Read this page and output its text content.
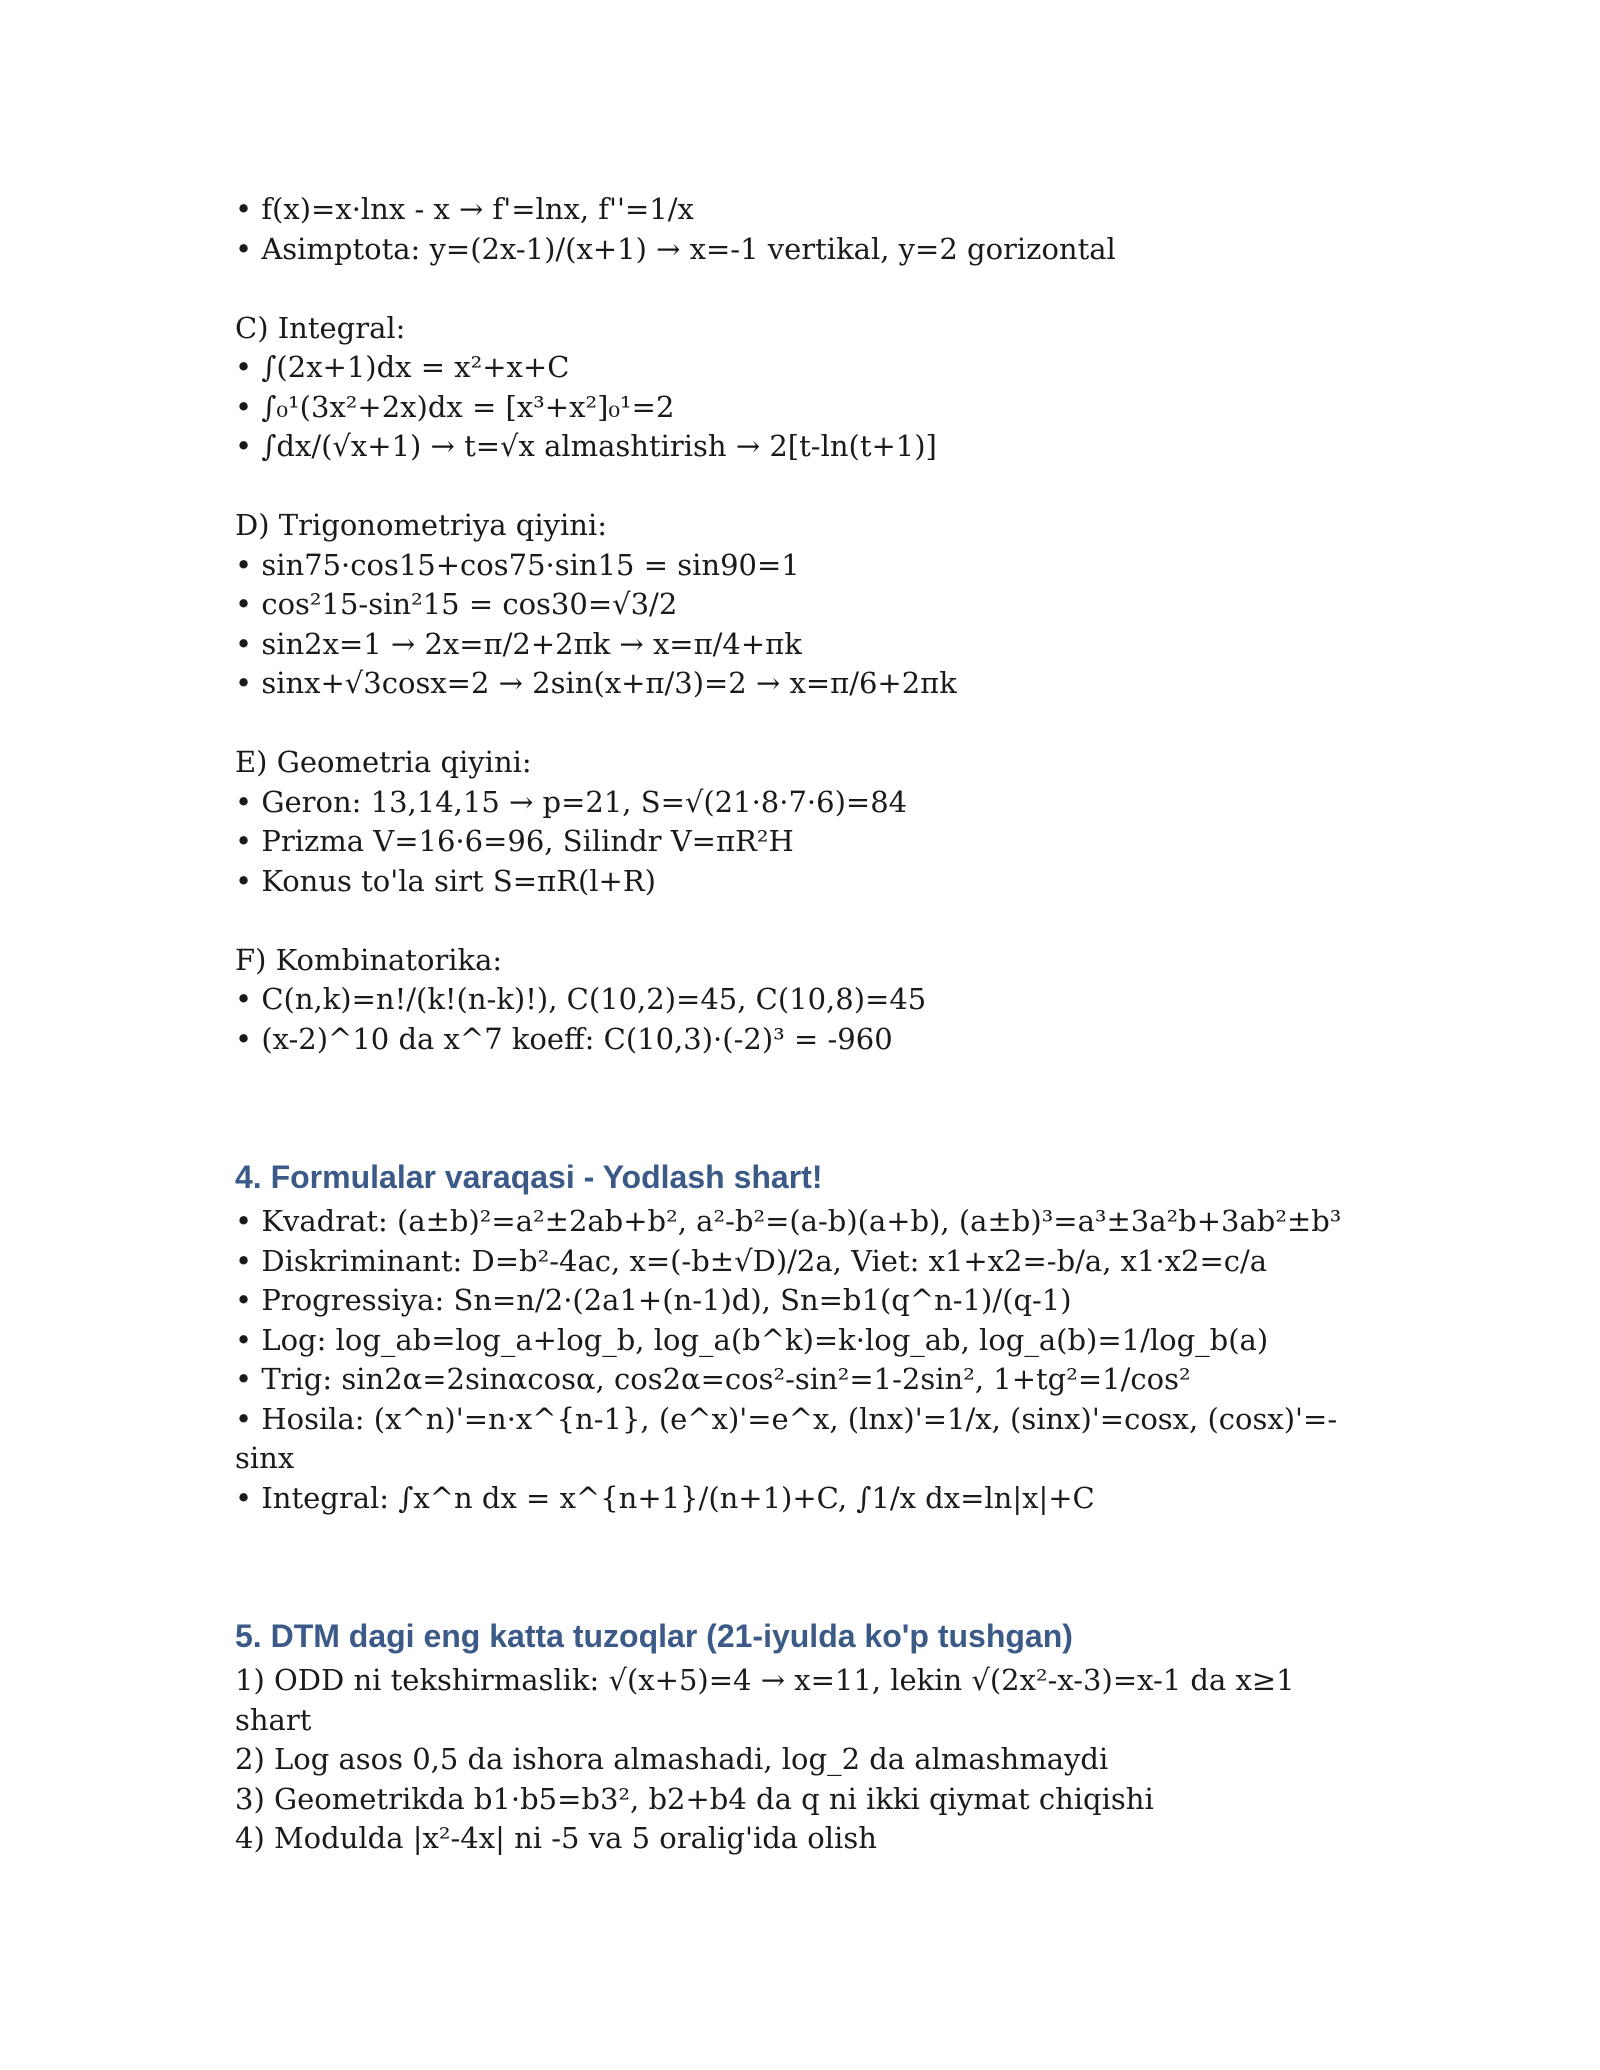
• f(x)=x·lnx - x → f'=lnx, f''=1/x
• Asimptota: y=(2x-1)/(x+1) → x=-1 vertikal, y=2 gorizontal
C) Integral:
• ∫(2x+1)dx = x²+x+C
• ∫₀¹(3x²+2x)dx = [x³+x²]₀¹=2
• ∫dx/(√x+1) → t=√x almashtirish → 2[t-ln(t+1)]
D) Trigonometriya qiyini:
• sin75·cos15+cos75·sin15 = sin90=1
• cos²15-sin²15 = cos30=√3/2
• sin2x=1 → 2x=π/2+2πk → x=π/4+πk
• sinx+√3cosx=2 → 2sin(x+π/3)=2 → x=π/6+2πk
E) Geometria qiyini:
• Geron: 13,14,15 → p=21, S=√(21·8·7·6)=84
• Prizma V=16·6=96, Silindr V=πR²H
• Konus to'la sirt S=πR(l+R)
F) Kombinatorika:
• C(n,k)=n!/(k!(n-k)!), C(10,2)=45, C(10,8)=45
• (x-2)^10 da x^7 koeff: C(10,3)·(-2)³ = -960
4. Formulalar varaqasi - Yodlash shart!
• Kvadrat: (a±b)²=a²±2ab+b², a²-b²=(a-b)(a+b), (a±b)³=a³±3a²b+3ab²±b³
• Diskriminant: D=b²-4ac, x=(-b±√D)/2a, Viet: x1+x2=-b/a, x1·x2=c/a
• Progressiya: Sn=n/2·(2a1+(n-1)d), Sn=b1(q^n-1)/(q-1)
• Log: log_ab=log_a+log_b, log_a(b^k)=k·log_ab, log_a(b)=1/log_b(a)
• Trig: sin2α=2sinαcosα, cos2α=cos²-sin²=1-2sin², 1+tg²=1/cos²
• Hosila: (x^n)'=n·x^{n-1}, (e^x)'=e^x, (lnx)'=1/x, (sinx)'=cosx, (cosx)'=-sinx
• Integral: ∫x^n dx = x^{n+1}/(n+1)+C, ∫1/x dx=ln|x|+C
5. DTM dagi eng katta tuzoqlar (21-iyulda ko'p tushgan)
1) ODD ni tekshirmaslik: √(x+5)=4 → x=11, lekin √(2x²-x-3)=x-1 da x≥1 shart
2) Log asos 0,5 da ishora almashadi, log_2 da almashmaydi
3) Geometrikda b1·b5=b3², b2+b4 da q ni ikki qiymat chiqishi
4) Modulda |x²-4x| ni -5 va 5 oralig'ida olish
